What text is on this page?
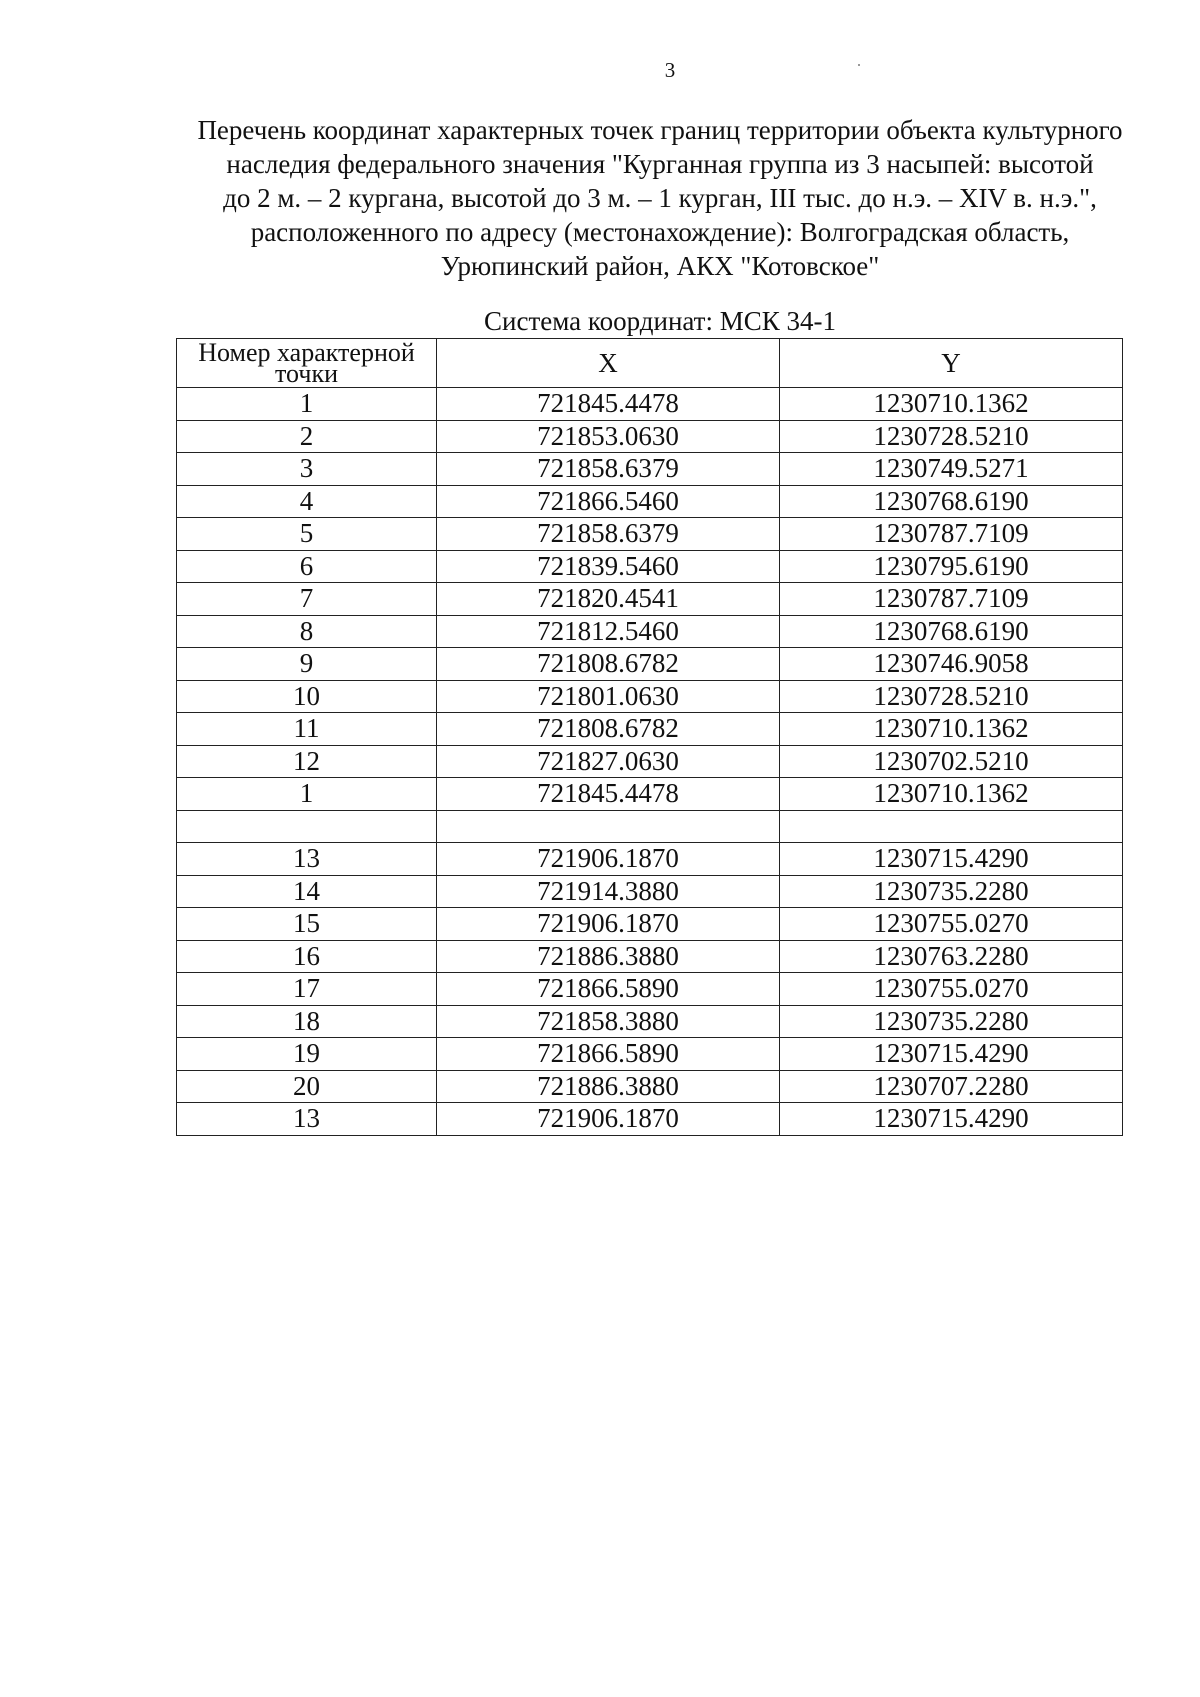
3
Перечень координат характерных точек границ территории объекта культурного
наследия федерального значения "Курганная группа из 3 насыпей: высотой
до 2 м. – 2 кургана, высотой до 3 м. – 1 курган, III тыс. до н.э. – XIV в. н.э.",
расположенного по адресу (местонахождение): Волгоградская область,
Урюпинский район, АКХ "Котовское"
Система координат: МСК 34-1
Номер характерной
точки	X	Y
1	721845.4478	1230710.1362
2	721853.0630	1230728.5210
3	721858.6379	1230749.5271
4	721866.5460	1230768.6190
5	721858.6379	1230787.7109
6	721839.5460	1230795.6190
7	721820.4541	1230787.7109
8	721812.5460	1230768.6190
9	721808.6782	1230746.9058
10	721801.0630	1230728.5210
11	721808.6782	1230710.1362
12	721827.0630	1230702.5210
1	721845.4478	1230710.1362

13	721906.1870	1230715.4290
14	721914.3880	1230735.2280
15	721906.1870	1230755.0270
16	721886.3880	1230763.2280
17	721866.5890	1230755.0270
18	721858.3880	1230735.2280
19	721866.5890	1230715.4290
20	721886.3880	1230707.2280
13	721906.1870	1230715.4290
